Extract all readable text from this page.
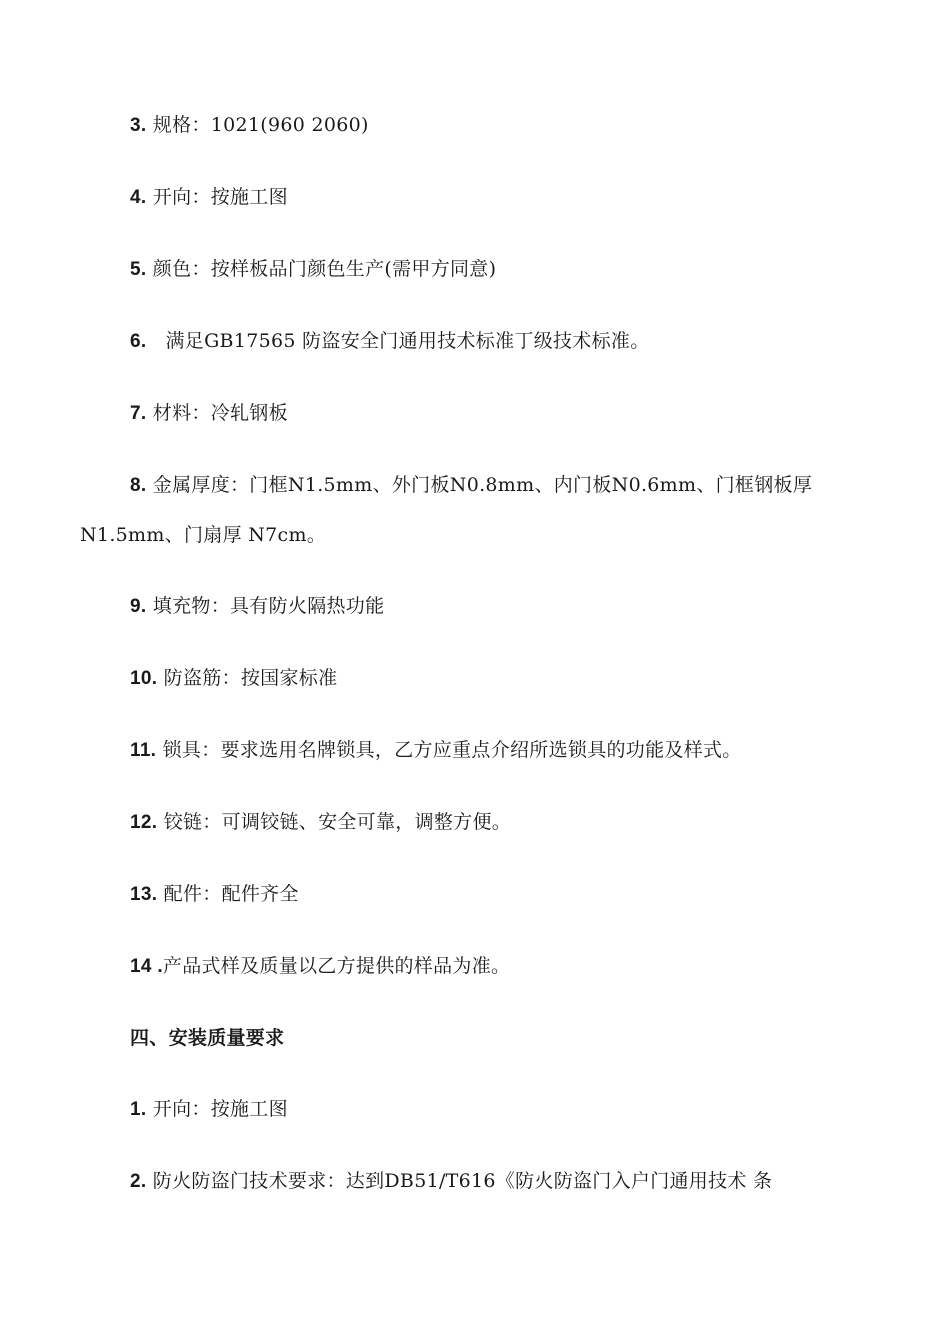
3. 规格：1021(960 2060)
4. 开向：按施工图
5. 颜色：按样板品门颜色生产(需甲方同意)
6.   满足GB17565 防盗安全门通用技术标准丁级技术标准。
7. 材料：冷轧钢板
8. 金属厚度：门框N1.5mm、外门板N0.8mm、内门板N0.6mm、门框钢板厚
N1.5mm、门扇厚 N7cm。
9. 填充物：具有防火隔热功能
10. 防盗筋：按国家标准
11. 锁具：要求选用名牌锁具，乙方应重点介绍所选锁具的功能及样式。
12. 铰链：可调铰链、安全可靠，调整方便。
13. 配件：配件齐全
14 .产品式样及质量以乙方提供的样品为准。
四、安装质量要求
1. 开向：按施工图
2. 防火防盗门技术要求：达到DB51/T616《防火防盗门入户门通用技术 条
